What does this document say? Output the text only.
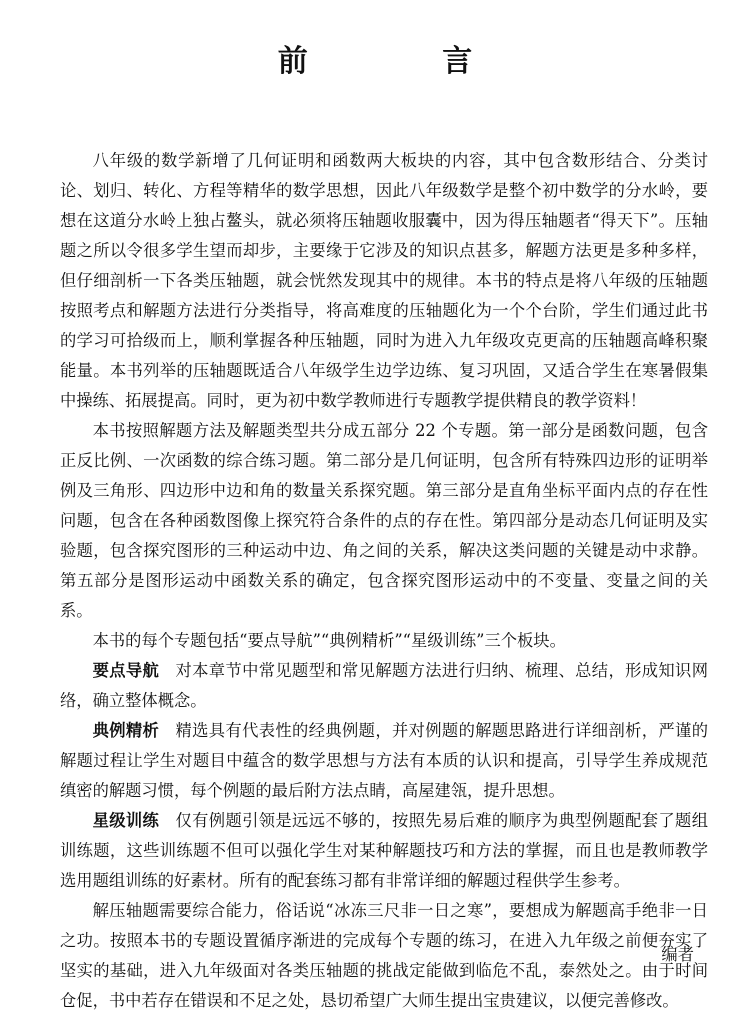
前 言

八年级的数学新增了几何证明和函数两大板块的内容，其中包含数形结合、分类讨论、划归、转化、方程等精华的数学思想，因此八年级数学是整个初中数学的分水岭，要想在这道分水岭上独占鳌头，就必须将压轴题收服囊中，因为得压轴题者“得天下”。压轴题之所以令很多学生望而却步，主要缘于它涉及的知识点甚多，解题方法更是多种多样，但仔细剖析一下各类压轴题，就会恍然发现其中的规律。本书的特点是将八年级的压轴题按照考点和解题方法进行分类指导，将高难度的压轴题化为一个个台阶，学生们通过此书的学习可拾级而上，顺利掌握各种压轴题，同时为进入九年级攻克更高的压轴题高峰积聚能量。本书列举的压轴题既适合八年级学生边学边练、复习巩固，又适合学生在寒暑假集中操练、拓展提高。同时，更为初中数学教师进行专题教学提供精良的教学资料！

本书按照解题方法及解题类型共分成五部分 22 个专题。第一部分是函数问题，包含正反比例、一次函数的综合练习题。第二部分是几何证明，包含所有特殊四边形的证明举例及三角形、四边形中边和角的数量关系探究题。第三部分是直角坐标平面内点的存在性问题，包含在各种函数图像上探究符合条件的点的存在性。第四部分是动态几何证明及实验题，包含探究图形的三种运动中边、角之间的关系，解决这类问题的关键是动中求静。第五部分是图形运动中函数关系的确定，包含探究图形运动中的不变量、变量之间的关系。

本书的每个专题包括“要点导航”“典例精析”“星级训练”三个板块。

要点导航 对本章节中常见题型和常见解题方法进行归纳、梳理、总结，形成知识网络，确立整体概念。

典例精析 精选具有代表性的经典例题，并对例题的解题思路进行详细剖析，严谨的解题过程让学生对题目中蕴含的数学思想与方法有本质的认识和提高，引导学生养成规范缜密的解题习惯，每个例题的最后附方法点睛，高屋建瓴，提升思想。

星级训练 仅有例题引领是远远不够的，按照先易后难的顺序为典型例题配套了题组训练题，这些训练题不但可以强化学生对某种解题技巧和方法的掌握，而且也是教师教学选用题组训练的好素材。所有的配套练习都有非常详细的解题过程供学生参考。

解压轴题需要综合能力，俗话说“冰冻三尺非一日之寒”，要想成为解题高手绝非一日之功。按照本书的专题设置循序渐进的完成每个专题的练习，在进入九年级之前便夯实了坚实的基础，进入九年级面对各类压轴题的挑战定能做到临危不乱，泰然处之。由于时间仓促，书中若存在错误和不足之处，恳切希望广大师生提出宝贵建议，以便完善修改。

编者
